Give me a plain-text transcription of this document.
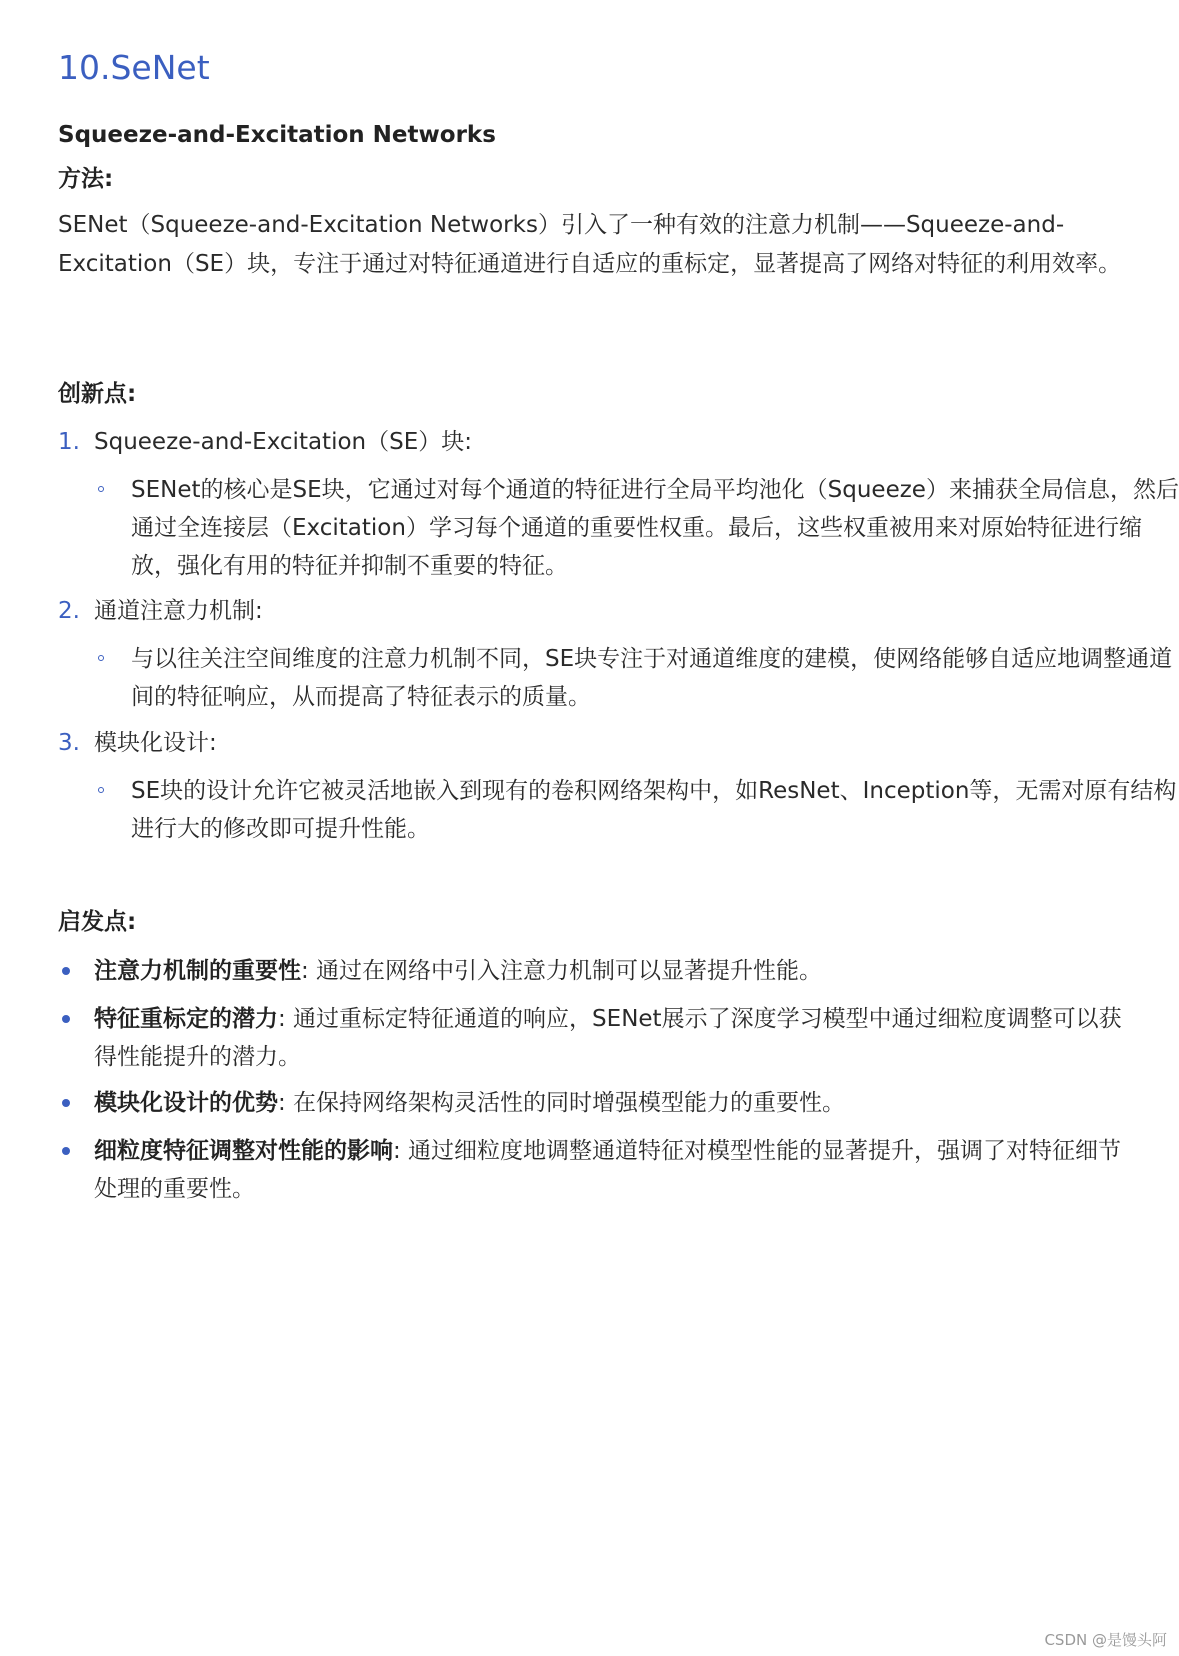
10.SeNet
Squeeze-and-Excitation Networks
方法:

SENet（Squeeze-and-Excitation Networks）引入了一种有效的注意力机制——Squeeze-and-Excitation（SE）块，专注于通过对特征通道进行自适应的重标定，显著提高了网络对特征的利用效率。

创新点:
1. Squeeze-and-Excitation（SE）块:
SENet的核心是SE块，它通过对每个通道的特征进行全局平均池化（Squeeze）来捕获全局信息，然后通过全连接层（Excitation）学习每个通道的重要性权重。最后，这些权重被用来对原始特征进行缩放，强化有用的特征并抑制不重要的特征。
2. 通道注意力机制:
与以往关注空间维度的注意力机制不同，SE块专注于对通道维度的建模，使网络能够自适应地调整通道间的特征响应，从而提高了特征表示的质量。
3. 模块化设计:
SE块的设计允许它被灵活地嵌入到现有的卷积网络架构中，如ResNet、Inception等，无需对原有结构进行大的修改即可提升性能。
启发点:
注意力机制的重要性: 通过在网络中引入注意力机制可以显著提升性能。
特征重标定的潜力: 通过重标定特征通道的响应，SENet展示了深度学习模型中通过细粒度调整可以获得性能提升的潜力。
模块化设计的优势: 在保持网络架构灵活性的同时增强模型能力的重要性。
细粒度特征调整对性能的影响: 通过细粒度地调整通道特征对模型性能的显著提升，强调了对特征细节处理的重要性。
CSDN @是馒头阿
